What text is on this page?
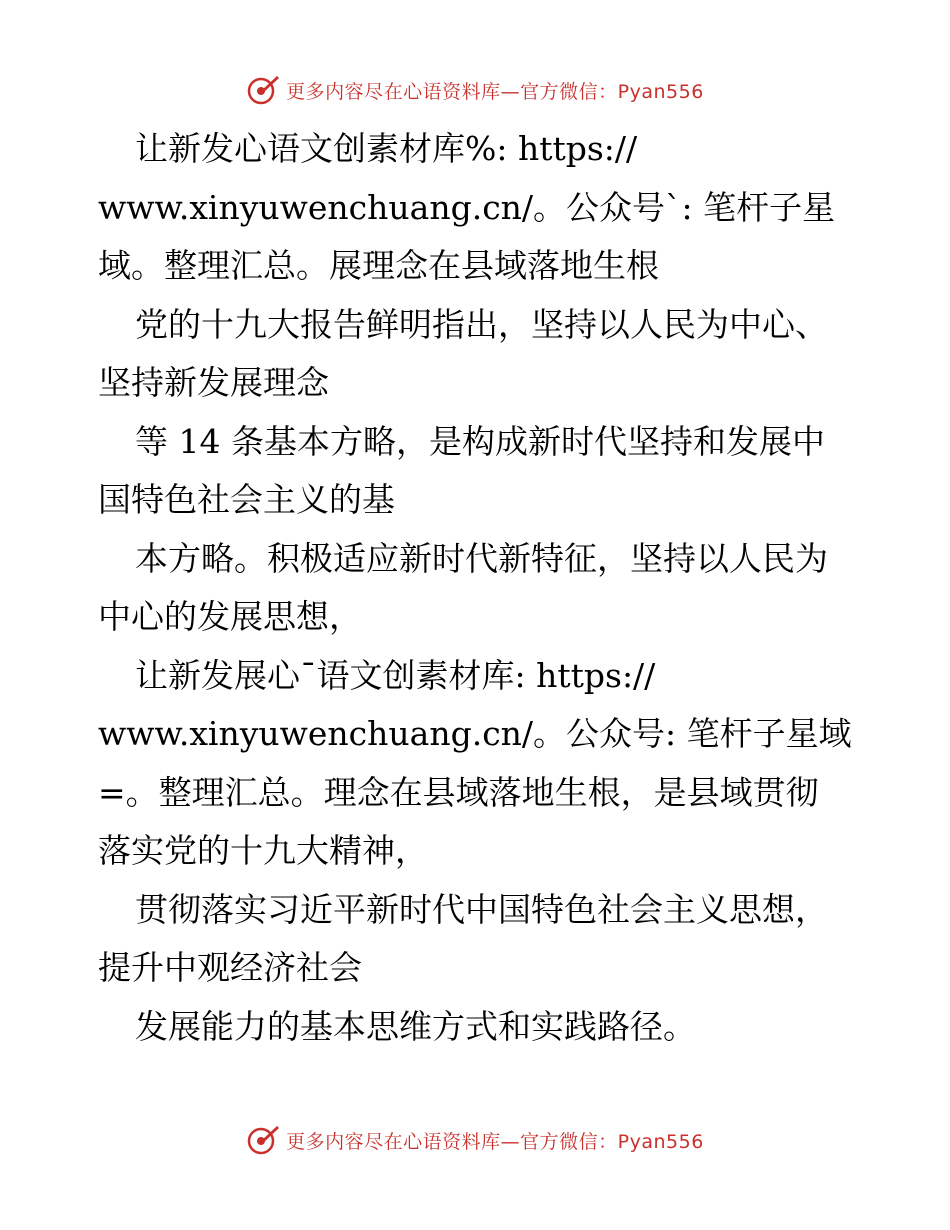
更多内容尽在心语资料库—官方微信：Pyan556
让新发心语文创素材库%: https://
www.xinyuwenchuang.cn/。公众号`: 笔杆子星
域。整理汇总。展理念在县域落地生根
党的十九大报告鲜明指出，坚持以人民为中心、
坚持新发展理念
等 14 条基本方略，是构成新时代坚持和发展中
国特色社会主义的基
本方略。积极适应新时代新特征，坚持以人民为
中心的发展思想，
让新发展心¯语文创素材库: https://
www.xinyuwenchuang.cn/。公众号: 笔杆子星域
=。整理汇总。理念在县域落地生根，是县域贯彻
落实党的十九大精神，
贯彻落实习近平新时代中国特色社会主义思想，
提升中观经济社会
发展能力的基本思维方式和实践路径。
更多内容尽在心语资料库—官方微信：Pyan556
